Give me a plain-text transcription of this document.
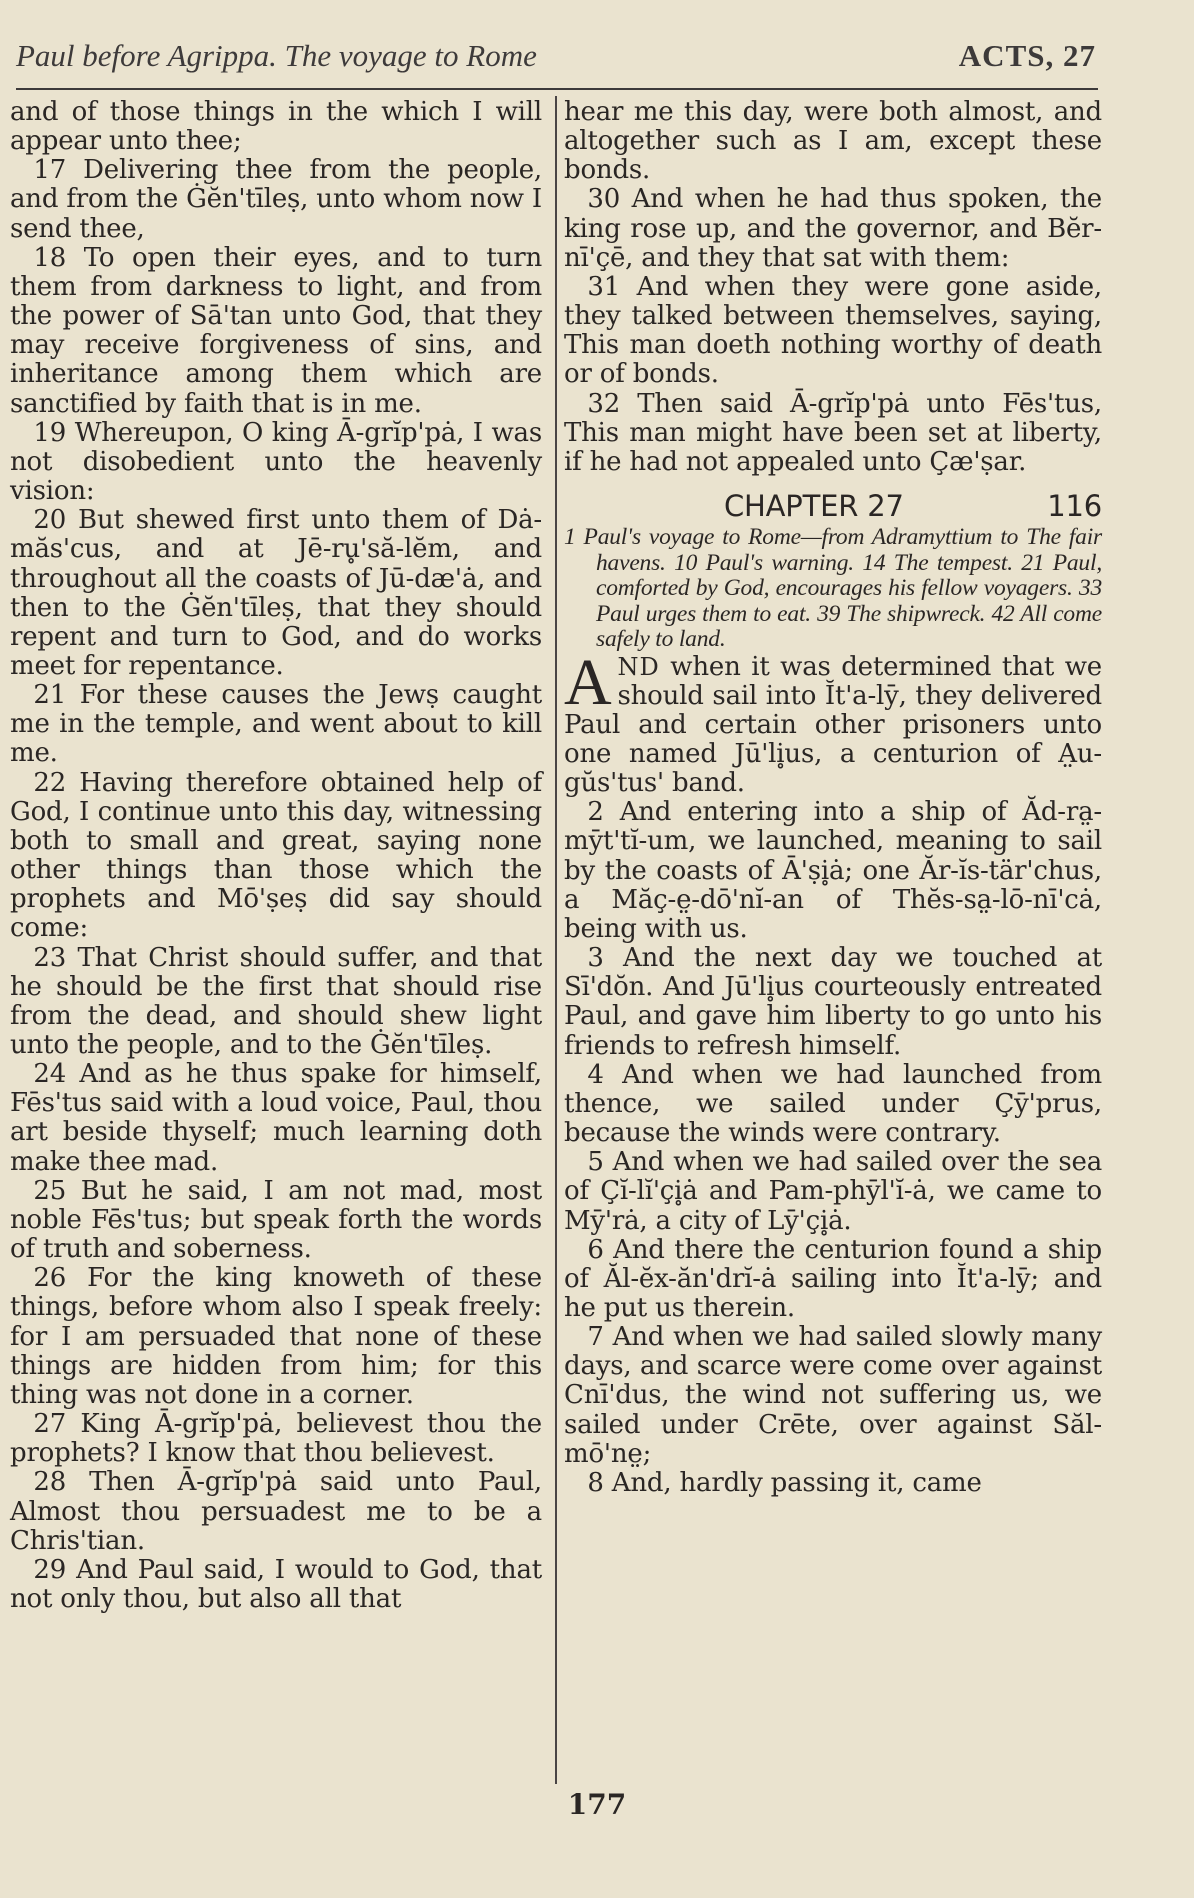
Paul before Agrippa. The voyage to Rome	ACTS, 27

and of those things in the which I will appear unto thee;

17 Delivering thee from the people, and from the Ġĕn'tīleṣ, unto whom now I send thee,

18 To open their eyes, and to turn them from darkness to light, and from the power of Sā'tan unto God, that they may receive forgiveness of sins, and inheritance among them which are sanctified by faith that is in me.

19 Whereupon, O king Ā-grĭp'pȧ, I was not disobedient unto the heavenly vision:

20 But shewed first unto them of Dȧ-măs'cus, and at Jē-ru̥'să-lĕm, and throughout all the coasts of Jū-dæ'ȧ, and then to the Ġĕn'tīleṣ, that they should repent and turn to God, and do works meet for repentance.

21 For these causes the Jewṣ caught me in the temple, and went about to kill me.

22 Having therefore obtained help of God, I continue unto this day, witnessing both to small and great, saying none other things than those which the prophets and Mō'ṣeṣ did say should come:

23 That Christ should suffer, and that he should be the first that should rise from the dead, and should shew light unto the people, and to the Ġĕn'tīleṣ.

24 And as he thus spake for himself, Fēs'tus said with a loud voice, Paul, thou art beside thyself; much learning doth make thee mad.

25 But he said, I am not mad, most noble Fēs'tus; but speak forth the words of truth and soberness.

26 For the king knoweth of these things, before whom also I speak freely: for I am persuaded that none of these things are hidden from him; for this thing was not done in a corner.

27 King Ā-grĭp'pȧ, believest thou the prophets? I know that thou believest.

28 Then Ā-grĭp'pȧ said unto Paul, Almost thou persuadest me to be a Chris'tian.

29 And Paul said, I would to God, that not only thou, but also all that

hear me this day, were both almost, and altogether such as I am, except these bonds.

30 And when he had thus spoken, the king rose up, and the governor, and Bĕr-nī'çē, and they that sat with them:

31 And when they were gone aside, they talked between themselves, saying, This man doeth nothing worthy of death or of bonds.

32 Then said Ā-grĭp'pȧ unto Fēs'tus, This man might have been set at liberty, if he had not appealed unto Çæ'ṣar.

CHAPTER 27	116

1 Paul's voyage to Rome—from Adramyttium to The fair havens. 10 Paul's warning. 14 The tempest. 21 Paul, comforted by God, encourages his fellow voyagers. 33 Paul urges them to eat. 39 The shipwreck. 42 All come safely to land.

AND when it was determined that we should sail into Ĭt'a-lȳ, they delivered Paul and certain other prisoners unto one named Jū'li̥us, a centurion of A̤u-gŭs'tus' band.

2 And entering into a ship of Ăd-ra̤-mȳt'tĭ-um, we launched, meaning to sail by the coasts of Ā'ṣi̥ȧ; one Ăr-ĭs-tär'chus, a Măç-e̤-dō'nĭ-an of Thĕs-sa̤-lō-nī'cȧ, being with us.

3 And the next day we touched at Sī'dŏn. And Jū'li̥us courteously entreated Paul, and gave him liberty to go unto his friends to refresh himself.

4 And when we had launched from thence, we sailed under Çȳ'prus, because the winds were contrary.

5 And when we had sailed over the sea of Çĭ-lĭ'çi̥ȧ and Pam-phȳl'ĭ-ȧ, we came to Mȳ'rȧ, a city of Lȳ'çi̥ȧ.

6 And there the centurion found a ship of Ăl-ĕx-ăn'drĭ-ȧ sailing into Ĭt'a-lȳ; and he put us therein.

7 And when we had sailed slowly many days, and scarce were come over against Cnī'dus, the wind not suffering us, we sailed under Crēte, over against Săl-mō'ne̤;

8 And, hardly passing it, came

177
